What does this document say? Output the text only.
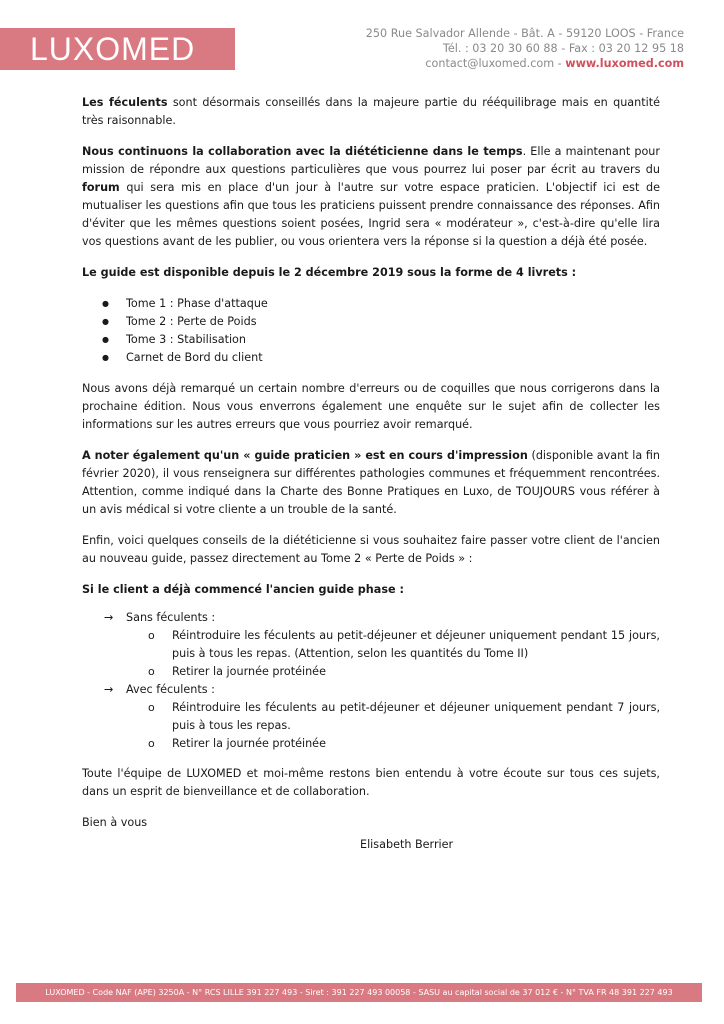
LUXOMED	250 Rue Salvador Allende - Bât. A - 59120 LOOS - France
Tél. : 03 20 30 60 88 - Fax : 03 20 12 95 18
contact@luxomed.com - www.luxomed.com

Les féculents sont désormais conseillés dans la majeure partie du rééquilibrage mais en quantité très raisonnable.

Nous continuons la collaboration avec la diététicienne dans le temps. Elle a maintenant pour mission de répondre aux questions particulières que vous pourrez lui poser par écrit au travers du forum qui sera mis en place d'un jour à l'autre sur votre espace praticien. L'objectif ici est de mutualiser les questions afin que tous les praticiens puissent prendre connaissance des réponses. Afin d'éviter que les mêmes questions soient posées, Ingrid sera « modérateur », c'est-à-dire qu'elle lira vos questions avant de les publier, ou vous orientera vers la réponse si la question a déjà été posée.

Le guide est disponible depuis le 2 décembre 2019 sous la forme de 4 livrets :

● Tome 1 : Phase d'attaque
● Tome 2 : Perte de Poids
● Tome 3 : Stabilisation
● Carnet de Bord du client

Nous avons déjà remarqué un certain nombre d'erreurs ou de coquilles que nous corrigerons dans la prochaine édition. Nous vous enverrons également une enquête sur le sujet afin de collecter les informations sur les autres erreurs que vous pourriez avoir remarqué.

A noter également qu'un « guide praticien » est en cours d'impression (disponible avant la fin février 2020), il vous renseignera sur différentes pathologies communes et fréquemment rencontrées. Attention, comme indiqué dans la Charte des Bonne Pratiques en Luxo, de TOUJOURS vous référer à un avis médical si votre cliente a un trouble de la santé.

Enfin, voici quelques conseils de la diététicienne si vous souhaitez faire passer votre client de l'ancien au nouveau guide, passez directement au Tome 2 « Perte de Poids » :

Si le client a déjà commencé l'ancien guide phase :

→ Sans féculents :
o Réintroduire les féculents au petit-déjeuner et déjeuner uniquement pendant 15 jours, puis à tous les repas. (Attention, selon les quantités du Tome II)
o Retirer la journée protéinée
→ Avec féculents :
o Réintroduire les féculents au petit-déjeuner et déjeuner uniquement pendant 7 jours, puis à tous les repas.
o Retirer la journée protéinée

Toute l'équipe de LUXOMED et moi-même restons bien entendu à votre écoute sur tous ces sujets, dans un esprit de bienveillance et de collaboration.

Bien à vous

Elisabeth Berrier
LUXOMED - Code NAF (APE) 3250A - N° RCS LILLE 391 227 493 - Siret : 391 227 493 00058 - SASU au capital social de 37 012 € - N° TVA FR 48 391 227 493
